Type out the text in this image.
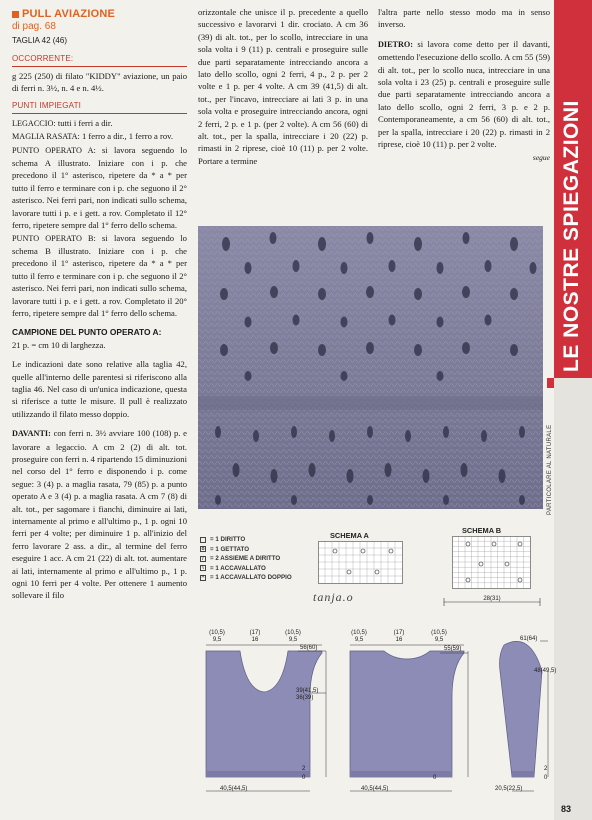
PULL AVIAZIONE
di pag. 68
TAGLIA 42 (46)
OCCORRENTE:

g 225 (250) di filato "KIDDY" aviazione, un paio di ferri n. 3½, n. 4 e n. 4½.

PUNTI IMPIEGATI

LEGACCIO: tutti i ferri a dir.

MAGLIA RASATA: 1 ferro a dir., 1 ferro a rov.

PUNTO OPERATO A: si lavora seguendo lo schema A illustrato. Iniziare con i p. che precedono il 1° asterisco, ripetere da * a * per tutto il ferro e terminare con i p. che seguono il 2° asterisco. Nei ferri pari, non indicati sullo schema, lavorare tutti i p. e i gett. a rov. Completato il 12° ferro, ripetere sempre dal 1° ferro dello schema.

PUNTO OPERATO B: si lavora seguendo lo schema B illustrato. Iniziare con i p. che precedono il 1° asterisco, ripetere da * a * per tutto il ferro e terminare con i p. che seguono il 2° asterisco. Nei ferri pari, non indicati sullo schema, lavorare tutti i p. e i gett. a rov. Completato il 20° ferro, ripetere sempre dal 1° ferro dello schema.

CAMPIONE DEL PUNTO OPERATO A:

21 p. = cm 10 di larghezza.

Le indicazioni date sono relative alla taglia 42, quelle all'interno delle parentesi si riferiscono alla taglia 46. Nel caso di un'unica indicazione, questa si riferisce a tutte le misure. Il pull è realizzato utilizzando il filato messo doppio.

DAVANTI: con ferri n. 3½ avviare 100 (108) p. e lavorare a legaccio. A cm 2 (2) di alt. tot. proseguire con ferri n. 4 ripartendo 15 diminuzioni nel corso del 1° ferro e disponendo i p. come segue: 3 (4) p. a maglia rasata, 79 (85) p. a punto operato A e 3 (4) p. a maglia rasata. A cm 7 (8) di alt. tot., per sagomare i fianchi, diminuire ai lati, internamente al primo e all'ultimo p., 1 p. ogni 10 ferri per 4 volte; per diminuire 1 p. all'inizio del ferro lavorare 2 ass. a dir., al termine del ferro eseguire 1 acc. A cm 21 (22) di alt. tot. aumentare ai lati, internamente al primo e all'ultimo p., 1 p. ogni 10 ferri per 4 volte. Per ottenere 1 aumento sollevare il filo

orizzontale che unisce il p. precedente a quello successivo e lavorarvi 1 dir. crociato. A cm 36 (39) di alt. tot., per lo scollo, intrecciare in una sola volta i 9 (11) p. centrali e proseguire sulle due parti separatamente intrecciando ancora a lato dello scollo, ogni 2 ferri, 4 p., 2 p. per 2 volte e 1 p. per 4 volte. A cm 39 (41,5) di alt. tot., per l'incavo, intrecciare ai lati 3 p. in una sola volta e proseguire intrecciando ancora, ogni 2 ferri, 2 p. e 1 p. (per 2 volte). A cm 56 (60) di alt. tot., per la spalla, intrecciare i 20 (22) p. rimasti in 2 riprese, cioè 10 (11) p. per 2 volte. Portare a termine

l'altra parte nello stesso modo ma in senso inverso.

DIETRO: si lavora come detto per il davanti, omettendo l'esecuzione dello scollo. A cm 55 (59) di alt. tot., per lo scollo nuca, intrecciare in una sola volta i 23 (25) p. centrali e proseguire sulle due parti separatamente intrecciando ancora a lato dello scollo, ogni 2 ferri, 3 p. e 2 p. Contemporaneamente, a cm 56 (60) di alt. tot., per la spalla, intrecciare i 20 (22) p. rimasti in 2 riprese, cioè 10 (11) p. per 2 volte.

segue LE NOSTRE SPIEGAZIONI
PARTICOLARE AL NATURALE
= 1 DIRITTO
o = 1 GETTATO
/	= 2 ASSIEME A DIRITTO
\	= 1 ACCAVALLATO
^ = 1 ACCAVALLATO DOPPIO
SCHEMA A
SCHEMA B
28(31)
tanja.o
(10,5)
9,5
(17)
16
(10,5)
9,5
(10,5)
9,5
(17)
16
(10,5)
9,5
56(60)
39(41,5)
36(39)
55(59)
61(64)
48(49,5)
40,5(44,5)	40,5(44,5)	20,5(22,5)
2
0	0
2
0
83
